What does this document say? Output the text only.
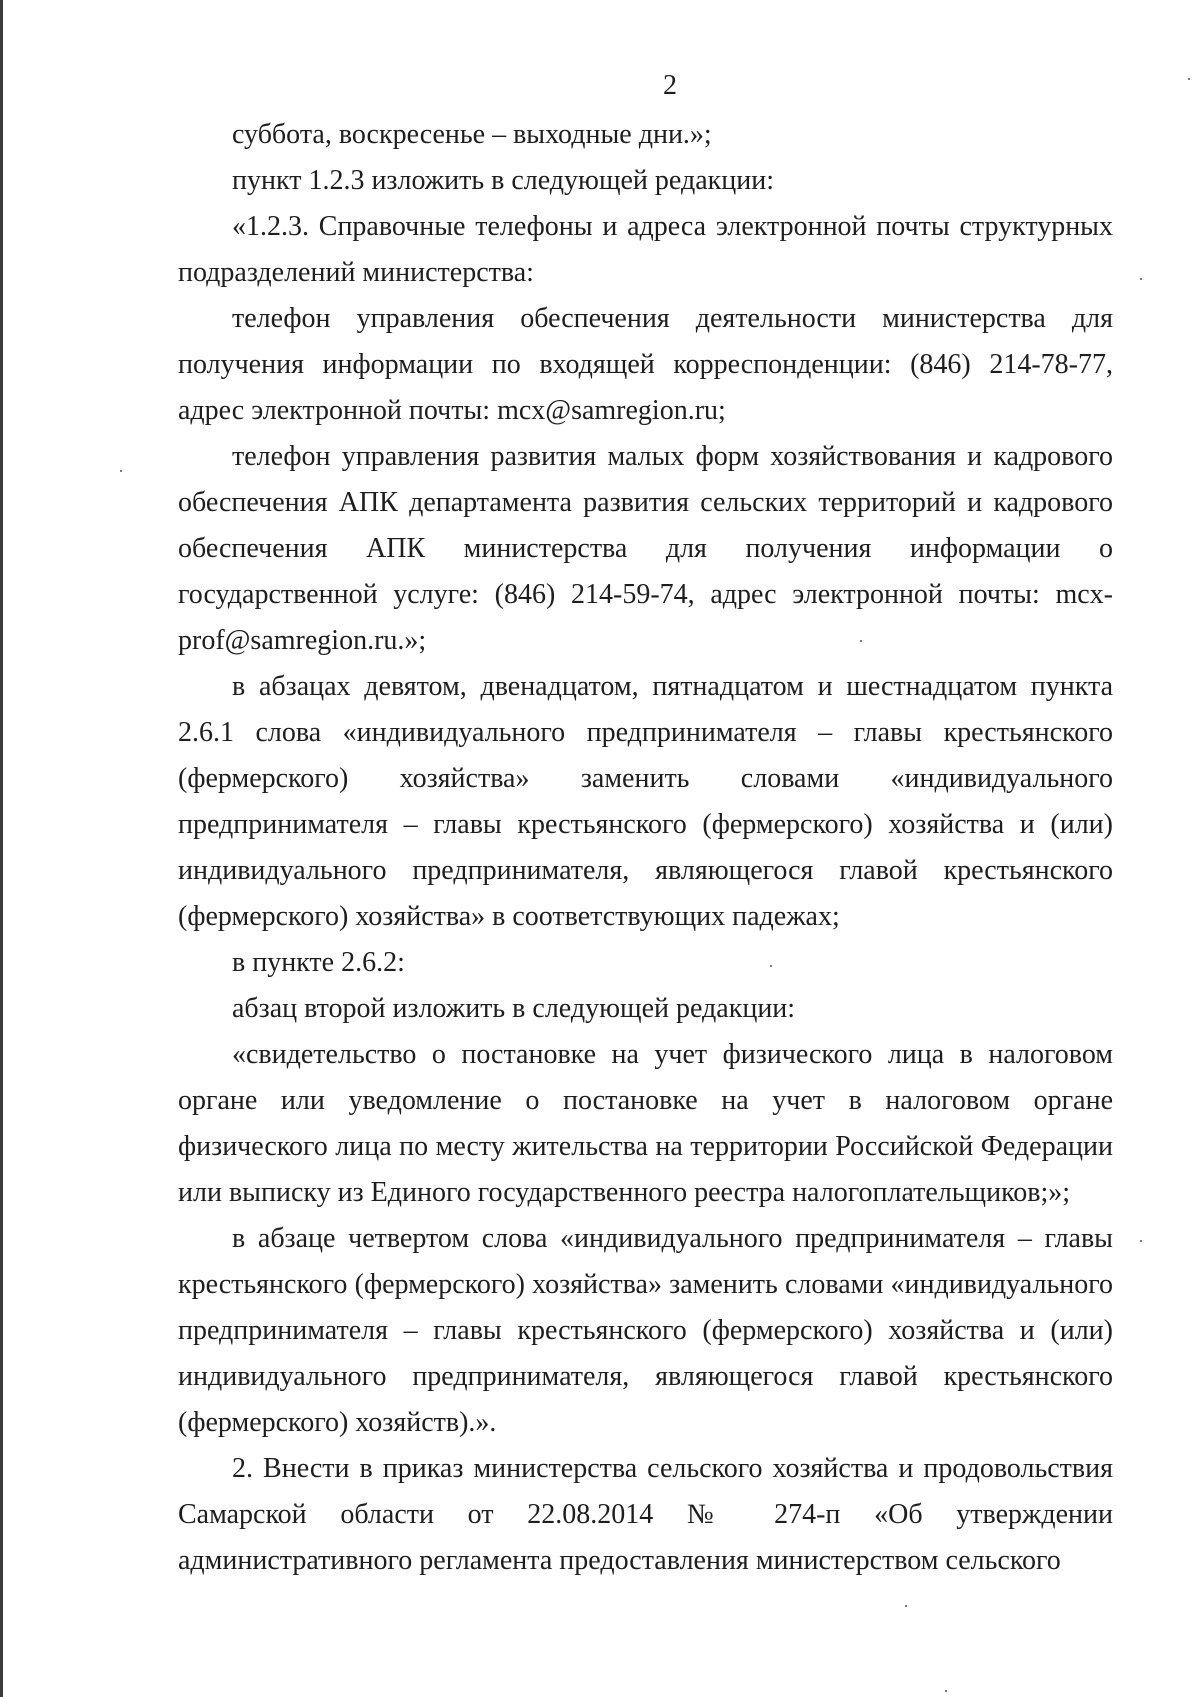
2

суббота, воскресенье – выходные дни.»;

пункт 1.2.3 изложить в следующей редакции:

«1.2.3. Справочные телефоны и адреса электронной почты структурных подразделений министерства:

телефон управления обеспечения деятельности министерства для получения информации по входящей корреспонденции: (846) 214-78-77, адрес электронной почты: mcx@samregion.ru;

телефон управления развития малых форм хозяйствования и кадрового обеспечения АПК департамента развития сельских территорий и кадрового обеспечения АПК министерства для получения информации о государственной услуге: (846) 214-59-74, адрес электронной почты: mcx-prof@samregion.ru.»;

в абзацах девятом, двенадцатом, пятнадцатом и шестнадцатом пункта 2.6.1 слова «индивидуального предпринимателя – главы крестьянского (фермерского) хозяйства» заменить словами «индивидуального предпринимателя – главы крестьянского (фермерского) хозяйства и (или) индивидуального предпринимателя, являющегося главой крестьянского (фермерского) хозяйства» в соответствующих падежах;

в пункте 2.6.2:

абзац второй изложить в следующей редакции:

«свидетельство о постановке на учет физического лица в налоговом органе или уведомление о постановке на учет в налоговом органе физического лица по месту жительства на территории Российской Федерации или выписку из Единого государственного реестра налогоплательщиков;»;

в абзаце четвертом слова «индивидуального предпринимателя – главы крестьянского (фермерского) хозяйства» заменить словами «индивидуального предпринимателя – главы крестьянского (фермерского) хозяйства и (или) индивидуального предпринимателя, являющегося главой крестьянского (фермерского) хозяйств).».

2. Внести в приказ министерства сельского хозяйства и продовольствия Самарской области от 22.08.2014 № 274-п «Об утверждении административного регламента предоставления министерством сельского
